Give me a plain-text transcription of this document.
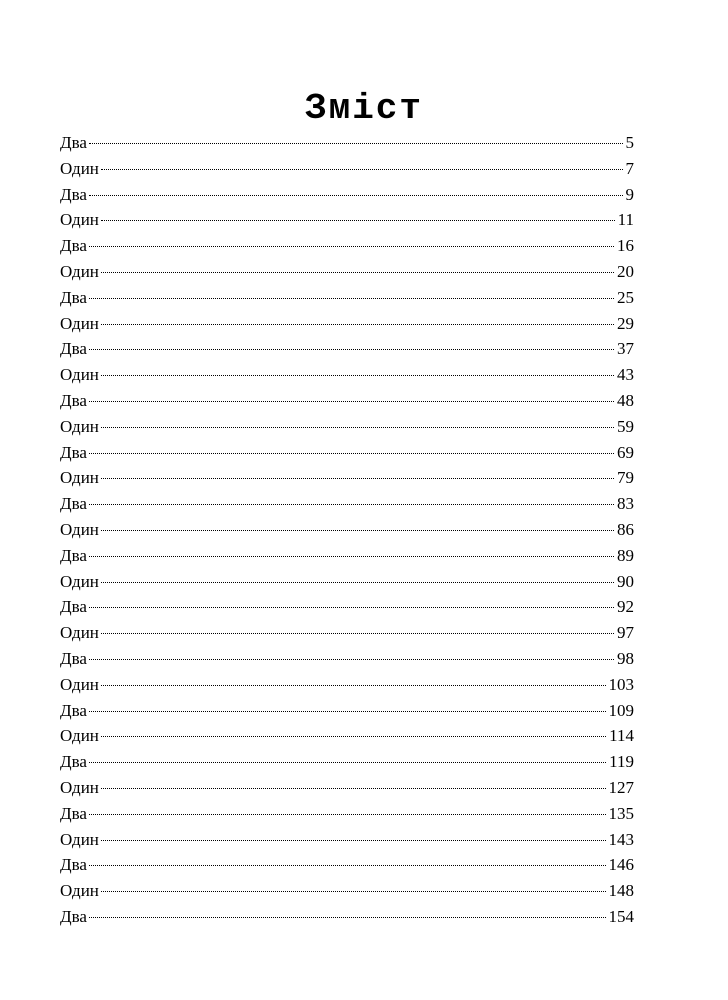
Зміст
Два	5
Один	7
Два	9
Один	11
Два	16
Один	20
Два	25
Один	29
Два	37
Один	43
Два	48
Один	59
Два	69
Один	79
Два	83
Один	86
Два	89
Один	90
Два	92
Один	97
Два	98
Один	103
Два	109
Один	114
Два	119
Один	127
Два	135
Один	143
Два	146
Один	148
Два	154
